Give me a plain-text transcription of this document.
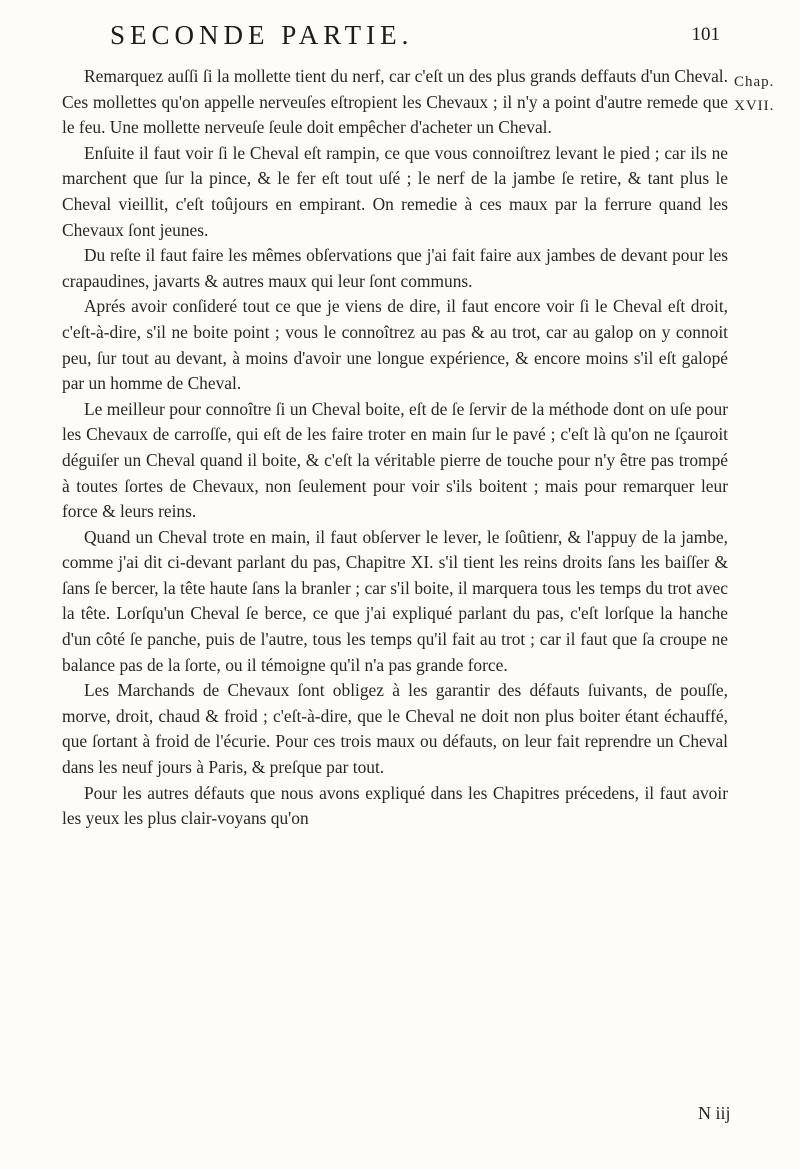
SECONDE PARTIE.	101
Chap.
XVII.

Remarquez auſſi ſi la mollette tient du nerf, car c'eſt un des plus grands deffauts d'un Cheval. Ces mollettes qu'on appelle nerveuſes eſtropient les Chevaux ; il n'y a point d'autre remede que le feu. Une mollette nerveuſe ſeule doit empêcher d'acheter un Cheval.

Enſuite il faut voir ſi le Cheval eſt rampin, ce que vous connoiſtrez levant le pied ; car ils ne marchent que ſur la pince, & le fer eſt tout uſé ; le nerf de la jambe ſe retire, & tant plus le Cheval vieillit, c'eſt toûjours en empirant. On remedie à ces maux par la ferrure quand les Chevaux ſont jeunes.

Du reſte il faut faire les mêmes obſervations que j'ai fait faire aux jambes de devant pour les crapaudines, javarts & autres maux qui leur ſont communs.

Aprés avoir conſideré tout ce que je viens de dire, il faut encore voir ſi le Cheval eſt droit, c'eſt-à-dire, s'il ne boite point ; vous le connoîtrez au pas & au trot, car au galop on y connoit peu, ſur tout au devant, à moins d'avoir une longue expérience, & encore moins s'il eſt galopé par un homme de Cheval.

Le meilleur pour connoître ſi un Cheval boite, eſt de ſe ſervir de la méthode dont on uſe pour les Chevaux de carroſſe, qui eſt de les faire troter en main ſur le pavé ; c'eſt là qu'on ne ſçauroit déguiſer un Cheval quand il boite, & c'eſt la véritable pierre de touche pour n'y être pas trompé à toutes ſortes de Chevaux, non ſeulement pour voir s'ils boitent ; mais pour remarquer leur force & leurs reins.

Quand un Cheval trote en main, il faut obſerver le lever, le ſoûtienr, & l'appuy de la jambe, comme j'ai dit ci-devant parlant du pas, Chapitre XI. s'il tient les reins droits ſans les baiſſer & ſans ſe bercer, la tête haute ſans la branler ; car s'il boite, il marquera tous les temps du trot avec la tête. Lorſqu'un Cheval ſe berce, ce que j'ai expliqué parlant du pas, c'eſt lorſque la hanche d'un côté ſe panche, puis de l'autre, tous les temps qu'il fait au trot ; car il faut que ſa croupe ne balance pas de la ſorte, ou il témoigne qu'il n'a pas grande force.

Les Marchands de Chevaux ſont obligez à les garantir des défauts ſuivants, de pouſſe, morve, droit, chaud & froid ; c'eſt-à-dire, que le Cheval ne doit non plus boiter étant échauffé, que ſortant à froid de l'écurie. Pour ces trois maux ou défauts, on leur fait reprendre un Cheval dans les neuf jours à Paris, & preſque par tout.

Pour les autres défauts que nous avons expliqué dans les Chapitres précedens, il faut avoir les yeux les plus clair-voyans qu'on

N iij
